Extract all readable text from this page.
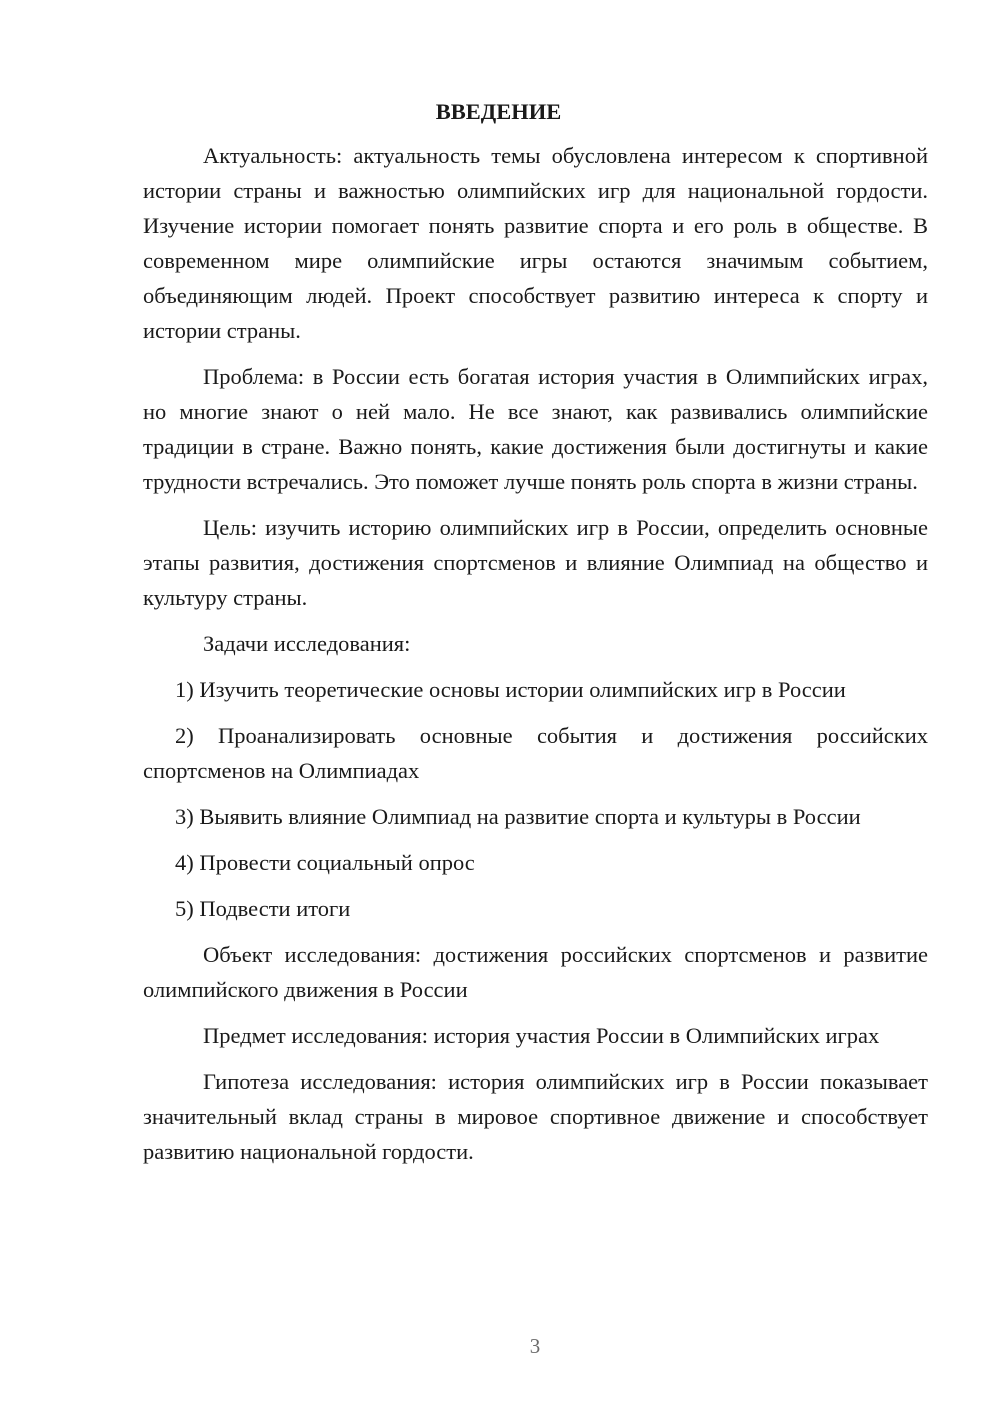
ВВЕДЕНИЕ

Актуальность: актуальность темы обусловлена интересом к спортивной истории страны и важностью олимпийских игр для национальной гордости. Изучение истории помогает понять развитие спорта и его роль в обществе. В современном мире олимпийские игры остаются значимым событием, объединяющим людей. Проект способствует развитию интереса к спорту и истории страны.

Проблема: в России есть богатая история участия в Олимпийских играх, но многие знают о ней мало. Не все знают, как развивались олимпийские традиции в стране. Важно понять, какие достижения были достигнуты и какие трудности встречались. Это поможет лучше понять роль спорта в жизни страны.

Цель: изучить историю олимпийских игр в России, определить основные этапы развития, достижения спортсменов и влияние Олимпиад на общество и культуру страны.

Задачи исследования:

1) Изучить теоретические основы истории олимпийских игр в России

2) Проанализировать основные события и достижения российских спортсменов на Олимпиадах

3) Выявить влияние Олимпиад на развитие спорта и культуры в России

4) Провести социальный опрос

5) Подвести итоги

Объект исследования: достижения российских спортсменов и развитие олимпийского движения в России

Предмет исследования: история участия России в Олимпийских играх

Гипотеза исследования: история олимпийских игр в России показывает значительный вклад страны в мировое спортивное движение и способствует развитию национальной гордости.

3
